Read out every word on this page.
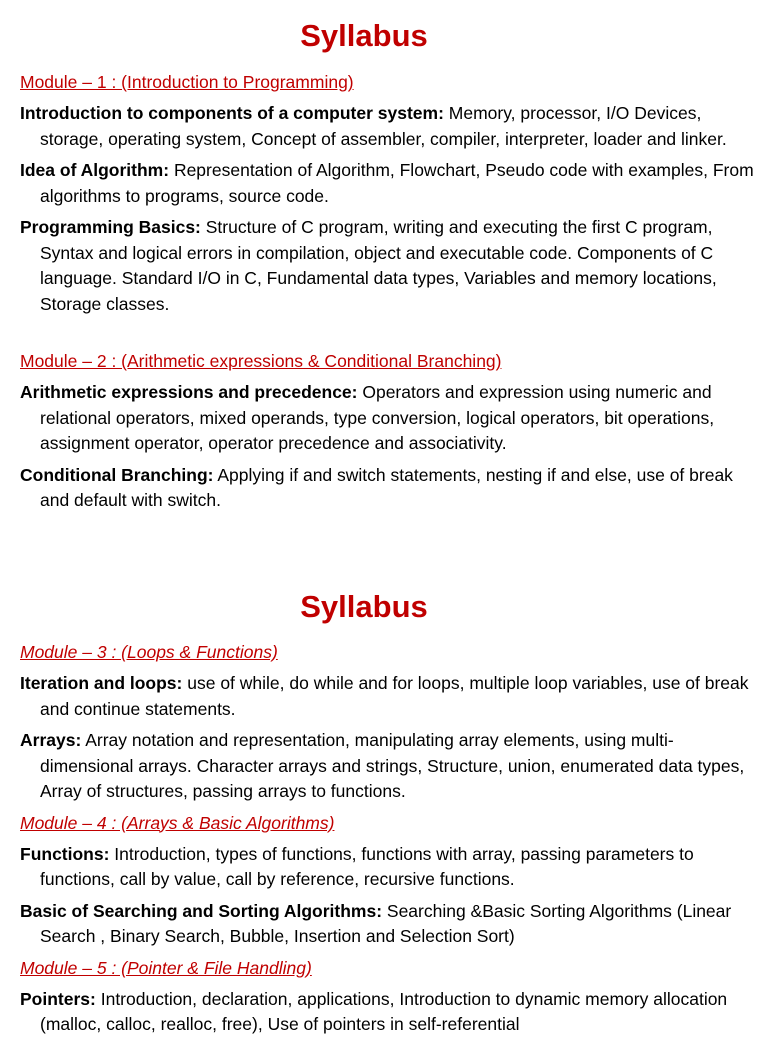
Syllabus

Module – 1 : (Introduction to Programming)

Introduction to components of a computer system: Memory, processor, I/O Devices, storage, operating system, Concept of assembler, compiler, interpreter, loader and linker.

Idea of Algorithm: Representation of Algorithm, Flowchart, Pseudo code with examples, From algorithms to programs, source code.

Programming Basics: Structure of C program, writing and executing the first C program, Syntax and logical errors in compilation, object and executable code. Components of C language. Standard I/O in C, Fundamental data types, Variables and memory locations, Storage classes.

Module – 2 : (Arithmetic expressions & Conditional Branching)

Arithmetic expressions and precedence: Operators and expression using numeric and relational operators, mixed operands, type conversion, logical operators, bit operations, assignment operator, operator precedence and associativity.

Conditional Branching: Applying if and switch statements, nesting if and else, use of break and default with switch.

Syllabus

Module – 3 : (Loops & Functions)

Iteration and loops: use of while, do while and for loops, multiple loop variables, use of break and continue statements.

Arrays: Array notation and representation, manipulating array elements, using multi-dimensional arrays. Character arrays and strings, Structure, union, enumerated data types, Array of structures, passing arrays to functions.

Module – 4 : (Arrays & Basic Algorithms)

Functions: Introduction, types of functions, functions with array, passing parameters to functions, call by value, call by reference, recursive functions.

Basic of Searching and Sorting Algorithms: Searching &Basic Sorting Algorithms (Linear Search , Binary Search, Bubble, Insertion and Selection Sort)

Module – 5 : (Pointer & File Handling)

Pointers: Introduction, declaration, applications, Introduction to dynamic memory allocation (malloc, calloc, realloc, free), Use of pointers in self-referential
